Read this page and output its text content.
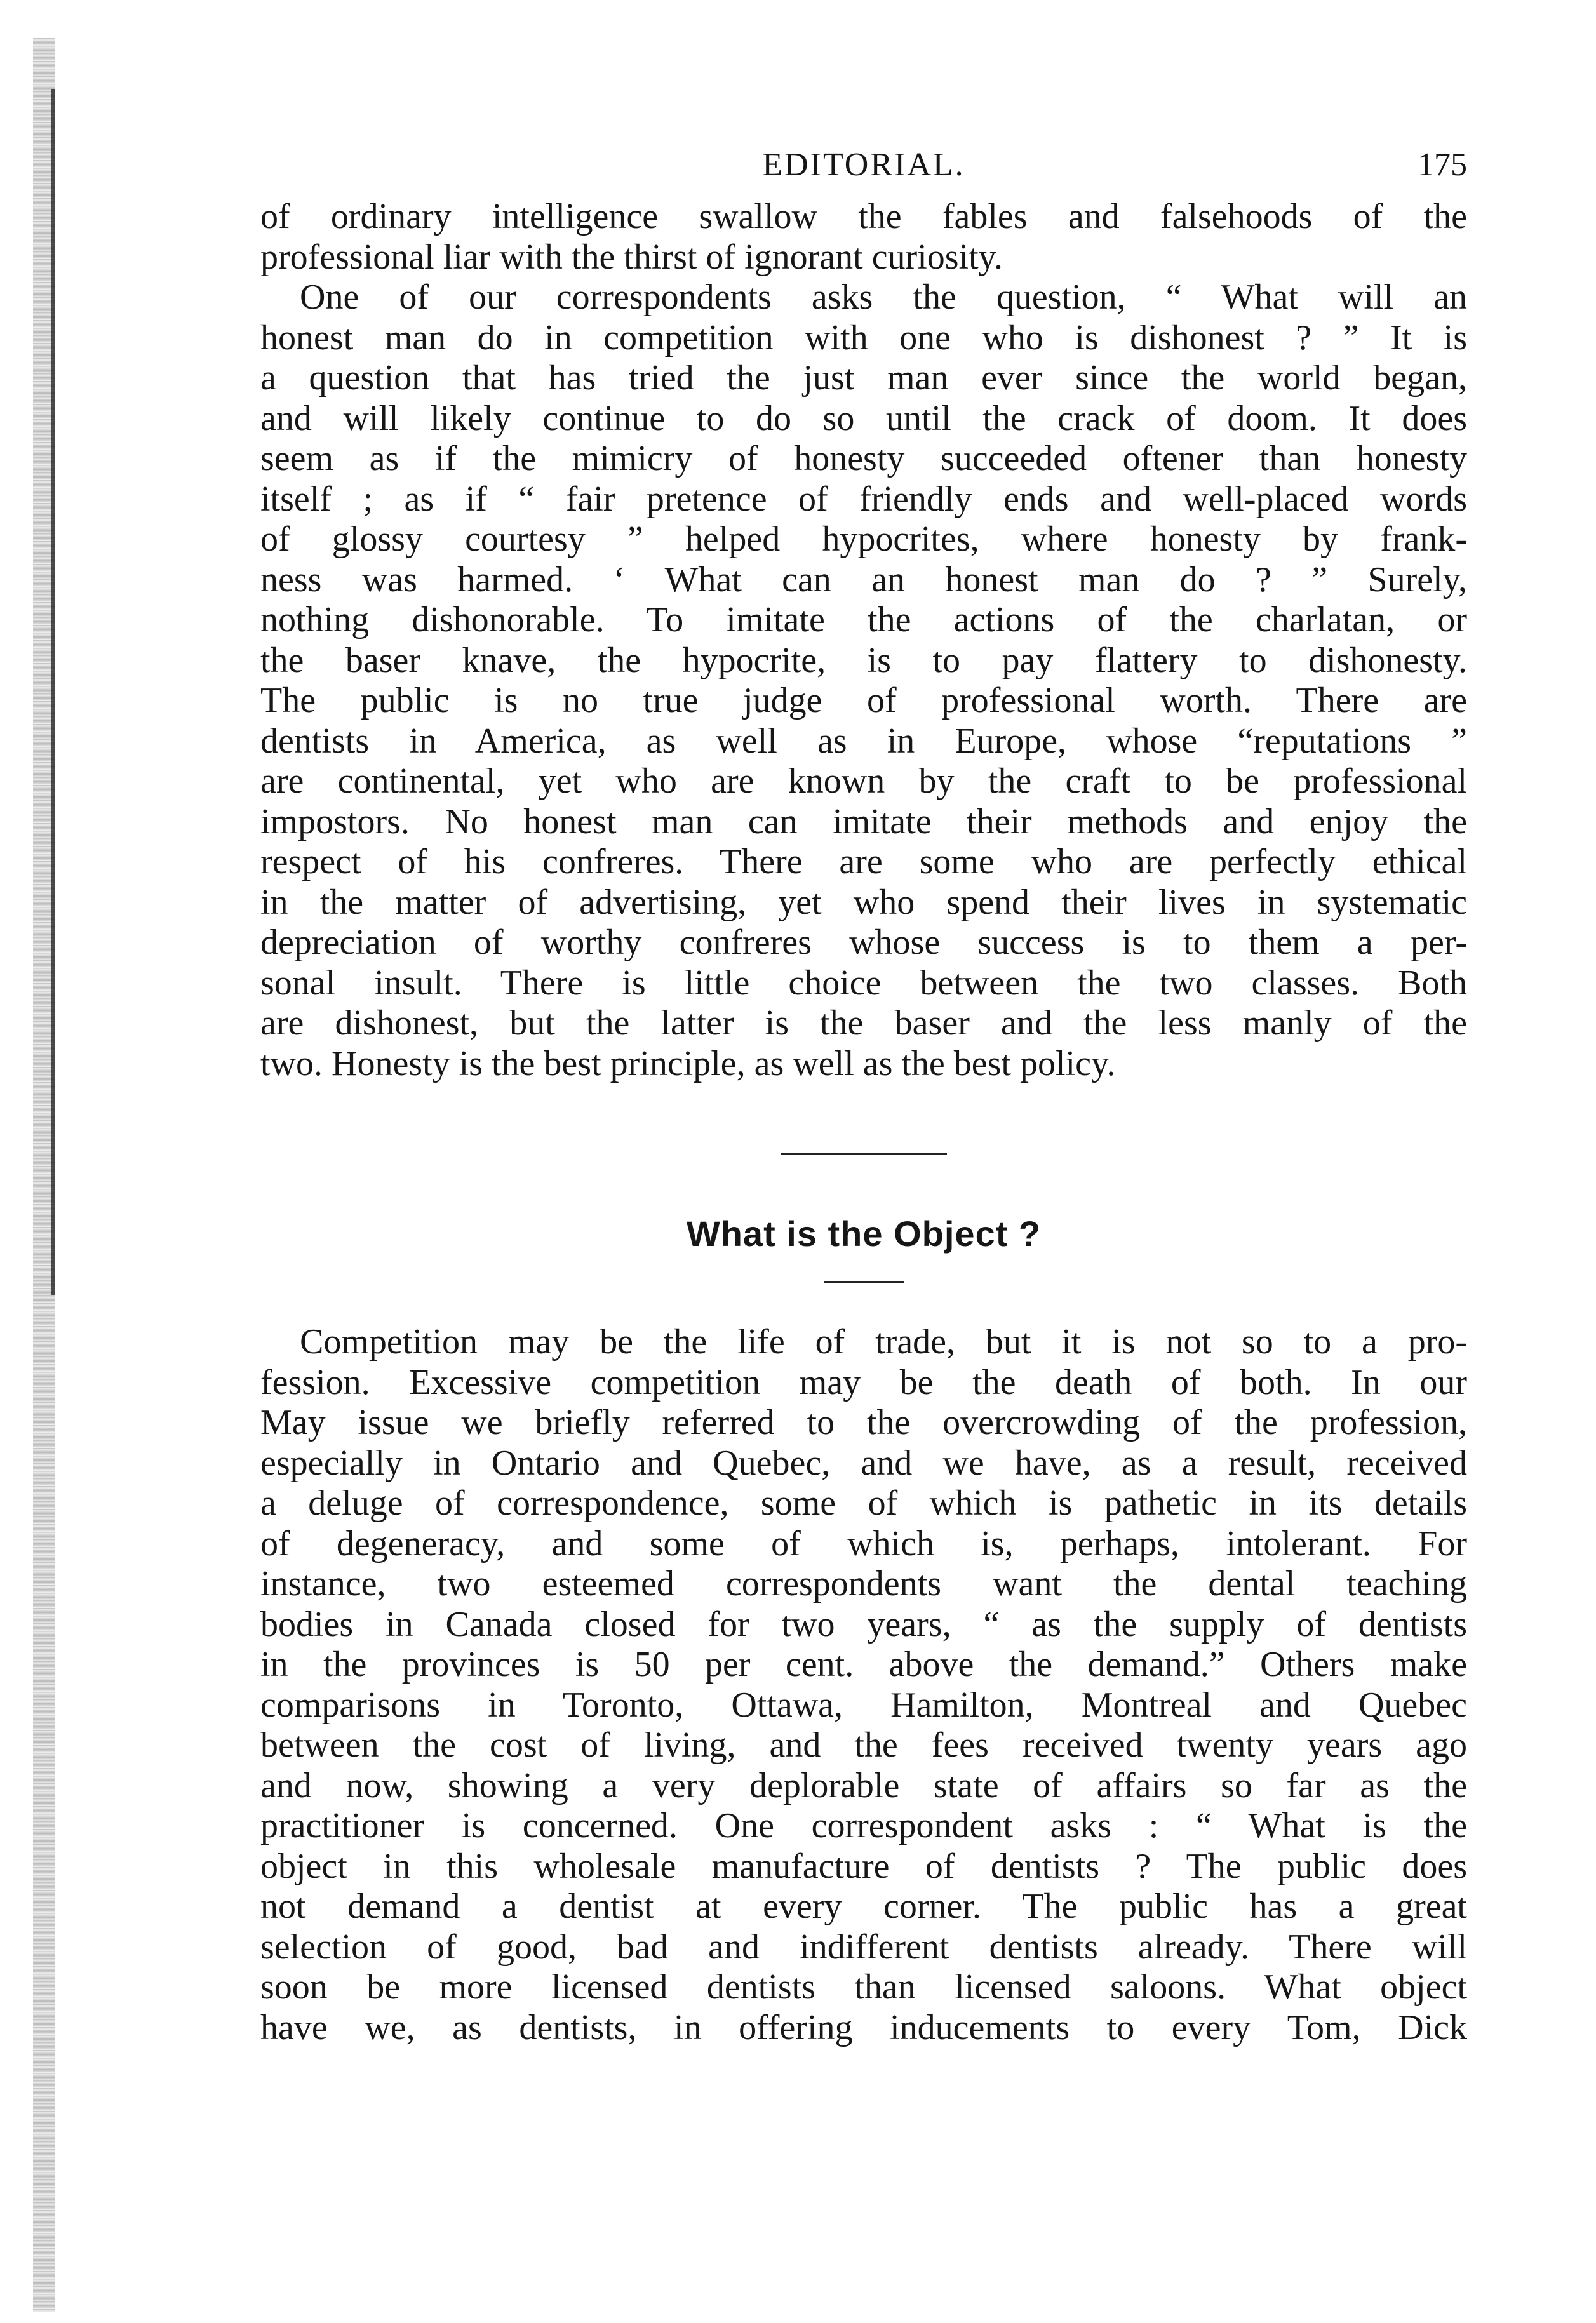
EDITORIAL.	175
of ordinary intelligence swallow the fables and falsehoods of the
professional liar with the thirst of ignorant curiosity.
One of our correspondents asks the question, “ What will an
honest man do in competition with one who is dishonest ? ” It is
a question that has tried the just man ever since the world began,
and will likely continue to do so until the crack of doom. It does
seem as if the mimicry of honesty succeeded oftener than honesty
itself ; as if “ fair pretence of friendly ends and well-placed words
of glossy courtesy ” helped hypocrites, where honesty by frank-
ness was harmed. ‘ What can an honest man do ? ” Surely,
nothing dishonorable. To imitate the actions of the charlatan, or
the baser knave, the hypocrite, is to pay flattery to dishonesty.
The public is no true judge of professional worth. There are
dentists in America, as well as in Europe, whose “reputations ”
are continental, yet who are known by the craft to be professional
impostors. No honest man can imitate their methods and enjoy the
respect of his confreres. There are some who are perfectly ethical
in the matter of advertising, yet who spend their lives in systematic
depreciation of worthy confreres whose success is to them a per-
sonal insult. There is little choice between the two classes. Both
are dishonest, but the latter is the baser and the less manly of the
two. Honesty is the best principle, as well as the best policy.
What is the Object ?
Competition may be the life of trade, but it is not so to a pro-
fession. Excessive competition may be the death of both. In our
May issue we briefly referred to the overcrowding of the profession,
especially in Ontario and Quebec, and we have, as a result, received
a deluge of correspondence, some of which is pathetic in its details
of degeneracy, and some of which is, perhaps, intolerant. For
instance, two esteemed correspondents want the dental teaching
bodies in Canada closed for two years, “ as the supply of dentists
in the provinces is 50 per cent. above the demand.” Others make
comparisons in Toronto, Ottawa, Hamilton, Montreal and Quebec
between the cost of living, and the fees received twenty years ago
and now, showing a very deplorable state of affairs so far as the
practitioner is concerned. One correspondent asks : “ What is the
object in this wholesale manufacture of dentists ? The public does
not demand a dentist at every corner. The public has a great
selection of good, bad and indifferent dentists already. There will
soon be more licensed dentists than licensed saloons. What object
have we, as dentists, in offering inducements to every Tom, Dick
